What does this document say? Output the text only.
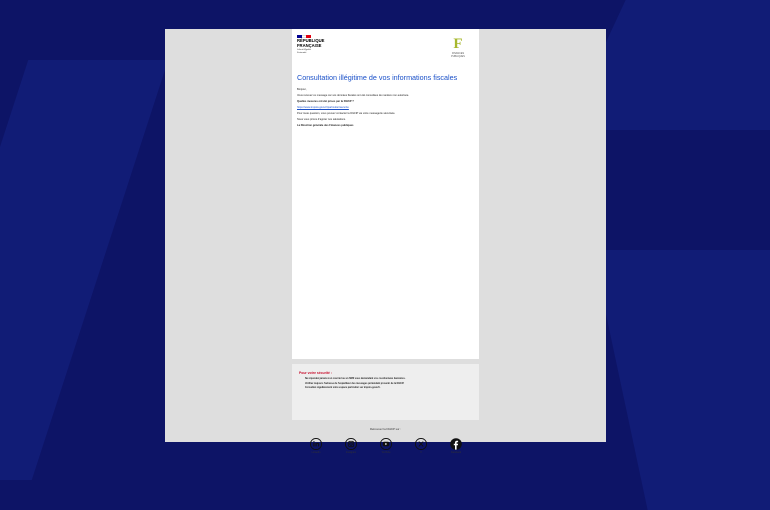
RÉPUBLIQUE FRANÇAISE
Liberté Égalité Fraternité
F
FINANCES PUBLIQUES
Consultation illégitime de vos informations fiscales

Bonjour,

Vous recevez ce message car vos données fiscales ont été consultées de manière non autorisée.

Quelles mesures ont été prises par la DGFiP ?

https://www.impots.gouv.fr/particulier/securite

Pour toute question, vous pouvez contacter la DGFiP via votre messagerie sécurisée.

Nous vous prions d'agréer nos salutations.

La Direction générale des Finances publiques

Pour votre sécurité :
• Ne répondez jamais à un courriel ou un SMS vous demandant vos coordonnées bancaires.
• Vérifiez toujours l'adresse de l'expéditeur des messages prétendant provenir de la DGFiP.
• Consultez régulièrement votre espace particulier sur impots.gouv.fr.
Retrouvez la DGFiP sur :
LinkedIn	Instagram	YouTube	X	Facebook
